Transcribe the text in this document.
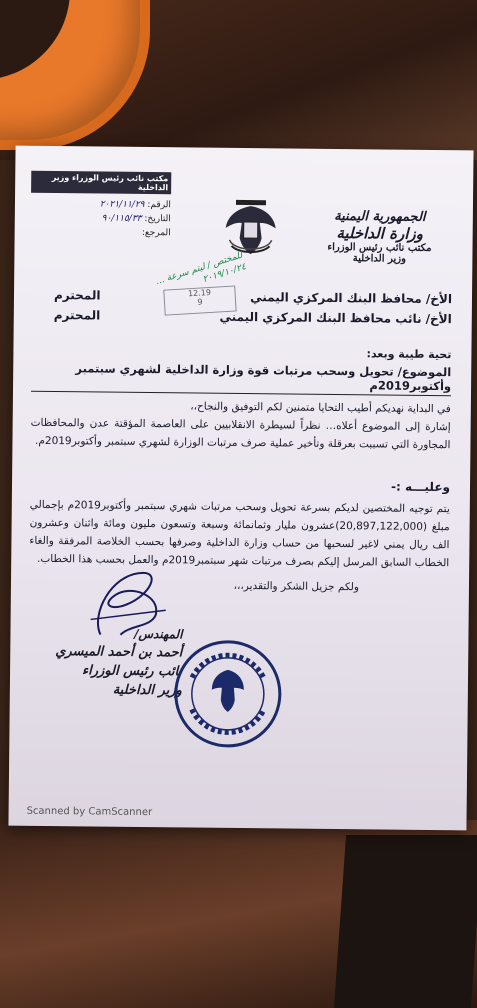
الجمهورية اليمنية
وزارة الداخلية
مكتب نائب رئيس الوزراء
وزير الداخلية
مكتب نائب رئيس الوزراء وزير الداخلية
الرقم: ٢٠٢١/١١/٢٩
التاريخ: ٩٠/١١٥/٣٣
المرجع:
الأخ/ محافظ البنك المركزي اليمني
المحترم
الأخ/ نائب محافظ البنك المركزي اليمني
المحترم
للمختص / ليتم سرعة ... ٢٠١٩/١٠/٢٤
12.19
9
تحية طيبة وبعد:
الموضوع/ تحويل وسحب مرتبات قوة وزارة الداخلية لشهري سبتمبر وأكتوبر2019م
في البداية نهديكم أطيب التحايا متمنين لكم التوفيق والنجاح،،
إشارة إلى الموضوع أعلاه… نظراً لسيطرة الانقلابيين على العاصمة المؤقتة عدن والمحافظات المجاورة التي تسببت بعرقلة وتأخير عملية صرف مرتبات الوزارة لشهري سبتمبر وأكتوبر2019م.
وعليـــه :-
يتم توجيه المختصين لديكم بسرعة تحويل وسحب مرتبات شهري سبتمبر وأكتوبر2019م بإجمالي مبلغ (20,897,122,000)عشرون مليار وثمانمائة وسبعة وتسعون مليون ومائة واثنان وعشرون الف ريال يمني لاغير لسحبها من حساب وزارة الداخلية وصرفها بحسب الخلاصة المرفقة والغاء الخطاب السابق المرسل إليكم بصرف مرتبات شهر سبتمبر2019م والعمل بحسب هذا الخطاب.
ولكم جزيل الشكر والتقدير،،،
المهندس/
أحمد بن أحمد الميسري
نائب رئيس الوزراء
وزير الداخلية
Scanned by CamScanner
